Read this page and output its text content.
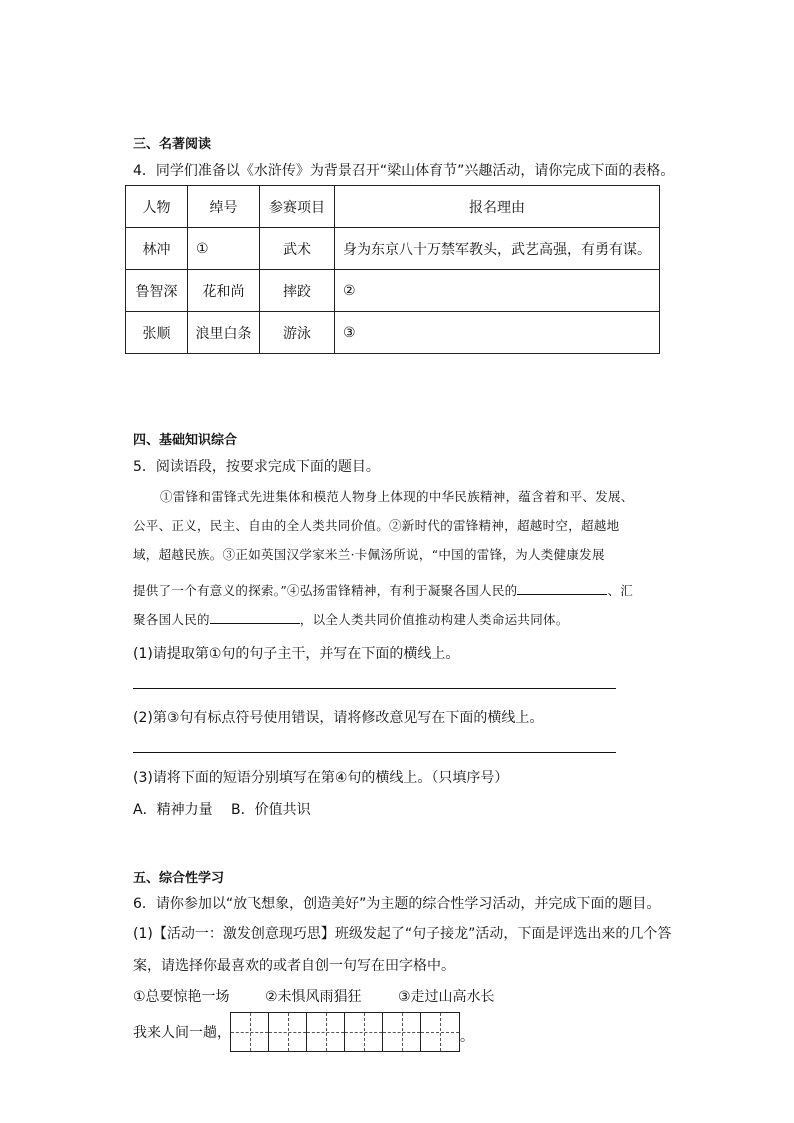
三、名著阅读
4．同学们准备以《水浒传》为背景召开“梁山体育节”兴趣活动，请你完成下面的表格。
人物	绰号	参赛项目	报名理由
林冲	①	武术	身为东京八十万禁军教头，武艺高强，有勇有谋。
鲁智深	花和尚	摔跤	②
张顺	浪里白条	游泳	③
四、基础知识综合
5．阅读语段，按要求完成下面的题目。
①雷锋和雷锋式先进集体和模范人物身上体现的中华民族精神，蕴含着和平、发展、
公平、正义，民主、自由的全人类共同价值。②新时代的雷锋精神，超越时空，超越地
域，超越民族。③正如英国汉学家米兰·卡佩汤所说，“中国的雷锋，为人类健康发展
提供了一个有意义的探索。”④弘扬雷锋精神，有利于凝聚各国人民的	、汇
聚各国人民的	，以全人类共同价值推动构建人类命运共同体。
(1)请提取第①句的句子主干，并写在下面的横线上。
(2)第③句有标点符号使用错误，请将修改意见写在下面的横线上。
(3)请将下面的短语分别填写在第④句的横线上。（只填序号）
A．精神力量　 B．价值共识
五、综合性学习
6．请你参加以“放飞想象，创造美好”为主题的综合性学习活动，并完成下面的题目。
(1)【活动一：激发创意现巧思】班级发起了“句子接龙”活动，下面是评选出来的几个答
案，请选择你最喜欢的或者自创一句写在田字格中。
①总要惊艳一场	②未惧风雨猖狂	③走过山高水长
我来人间一趟，	。
